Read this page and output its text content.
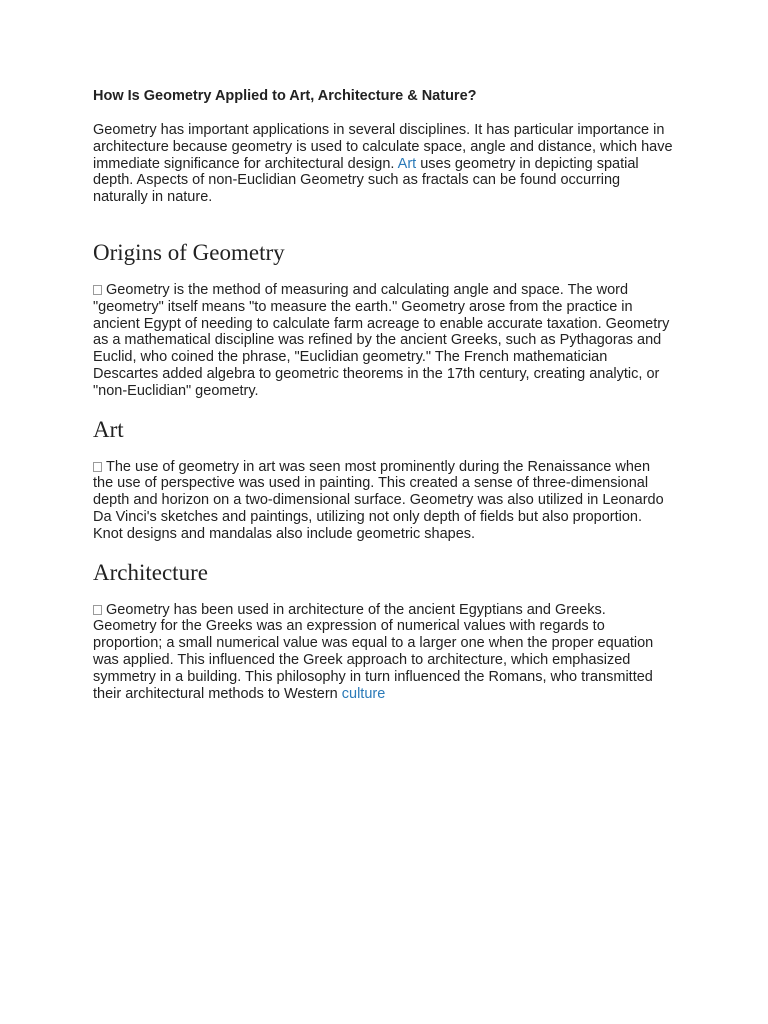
How Is Geometry Applied to Art, Architecture & Nature?

Geometry has important applications in several disciplines. It has particular importance in architecture because geometry is used to calculate space, angle and distance, which have immediate significance for architectural design. Art uses geometry in depicting spatial depth. Aspects of non-Euclidian Geometry such as fractals can be found occurring naturally in nature.

Origins of Geometry

Geometry is the method of measuring and calculating angle and space. The word "geometry" itself means "to measure the earth." Geometry arose from the practice in ancient Egypt of needing to calculate farm acreage to enable accurate taxation. Geometry as a mathematical discipline was refined by the ancient Greeks, such as Pythagoras and Euclid, who coined the phrase, "Euclidian geometry." The French mathematician Descartes added algebra to geometric theorems in the 17th century, creating analytic, or "non-Euclidian" geometry.

Art

The use of geometry in art was seen most prominently during the Renaissance when the use of perspective was used in painting. This created a sense of three-dimensional depth and horizon on a two-dimensional surface. Geometry was also utilized in Leonardo Da Vinci's sketches and paintings, utilizing not only depth of fields but also proportion. Knot designs and mandalas also include geometric shapes.

Architecture

Geometry has been used in architecture of the ancient Egyptians and Greeks. Geometry for the Greeks was an expression of numerical values with regards to proportion; a small numerical value was equal to a larger one when the proper equation was applied. This influenced the Greek approach to architecture, which emphasized symmetry in a building. This philosophy in turn influenced the Romans, who transmitted their architectural methods to Western culture
